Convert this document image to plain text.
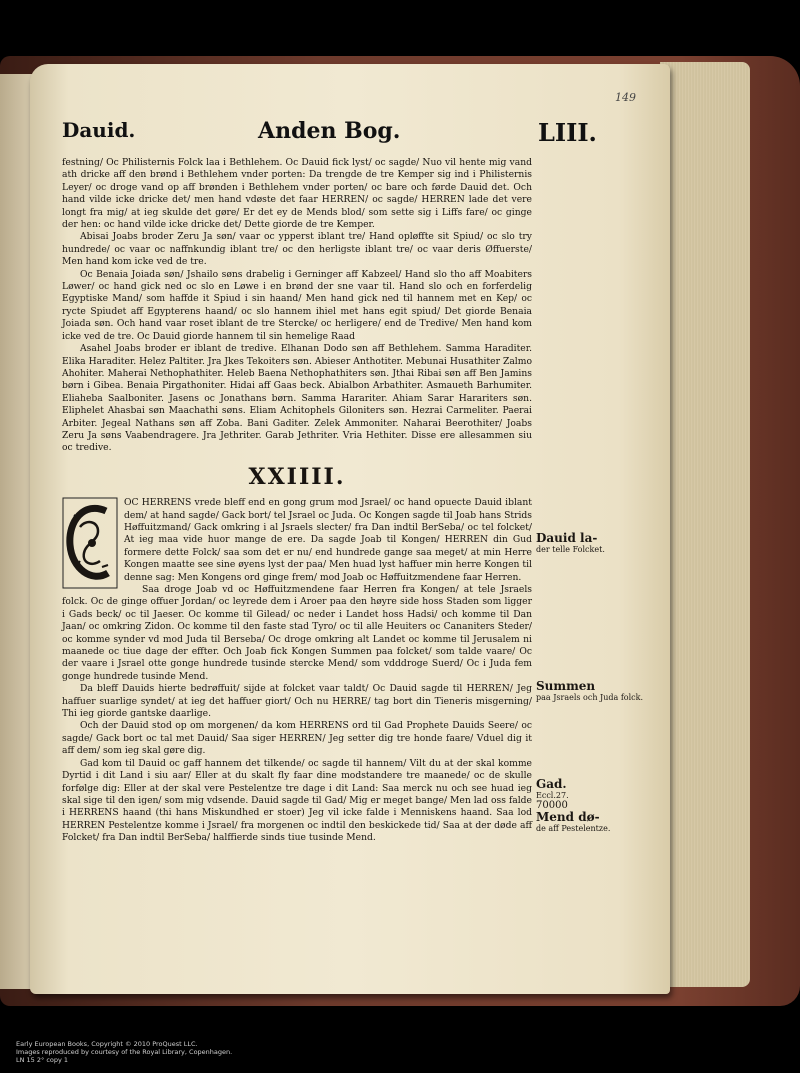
149
Dauid.	Anden Bog.	LIII.

festning/ Oc Philisternis Folck laa i Bethlehem. Oc Dauid fick lyst/ oc sagde/ Nuo vil hente mig vand ath dricke aff den brønd i Bethlehem vnder porten: Da trengde de tre Kemper sig ind i Philisternis Leyer/ oc droge vand op aff brønden i Bethlehem vnder porten/ oc bare och førde Dauid det. Och hand vilde icke dricke det/ men hand vdøste det faar HERREN/ oc sagde/ HERREN lade det vere longt fra mig/ at ieg skulde det gøre/ Er det ey de Mends blod/ som sette sig i Liffs fare/ oc ginge der hen: oc hand vilde icke dricke det/ Dette giorde de tre Kemper.

Abisai Joabs broder Zeru Ja søn/ vaar oc ypperst iblant tre/ Hand opløffte sit Spiud/ oc slo try hundrede/ oc vaar oc naffnkundig iblant tre/ oc den herligste iblant tre/ oc vaar deris Øffuerste/ Men hand kom icke ved de tre.

Oc Benaia Joiada søn/ Jshailo søns drabelig i Gerninger aff Kabzeel/ Hand slo tho aff Moabiters Løwer/ oc hand gick ned oc slo en Løwe i en brønd der sne vaar til. Hand slo och en forferdelig Egyptiske Mand/ som haffde it Spiud i sin haand/ Men hand gick ned til hannem met en Kep/ oc rycte Spiudet aff Egypterens haand/ oc slo hannem ihiel met hans egit spiud/ Det giorde Benaia Joiada søn. Och hand vaar roset iblant de tre Stercke/ oc herligere/ end de Tredive/ Men hand kom icke ved de tre. Oc Dauid giorde hannem til sin hemelige Raad

Asahel Joabs broder er iblant de tredive. Elhanan Dodo søn aff Bethlehem. Samma Haraditer. Elika Haraditer. Helez Paltiter. Jra Jkes Tekoiters søn. Abieser Anthotiter. Mebunai Husathiter Zalmo Ahohiter. Maherai Nethophathiter. Heleb Baena Nethophathiters søn. Jthai Ribai søn aff Ben Jamins børn i Gibea. Benaia Pirgathoniter. Hidai aff Gaas beck. Abialbon Arbathiter. Asmaueth Barhumiter. Eliaheba Saalboniter. Jasens oc Jonathans børn. Samma Harariter. Ahiam Sarar Harariters søn. Eliphelet Ahasbai søn Maachathi søns. Eliam Achitophels Giloniters søn. Hezrai Carmeliter. Paerai Arbiter. Jegeal Nathans søn aff Zoba. Bani Gaditer. Zelek Ammoniter. Naharai Beerothiter/ Joabs Zeru Ja søns Vaabendragere. Jra Jethriter. Garab Jethriter. Vria Hethiter. Disse ere allesammen siu oc tredive.

XXIIII.

OC HERRENS vrede bleff end en gong grum mod Jsrael/ oc hand opuecte Dauid iblant dem/ at hand sagde/ Gack bort/ tel Jsrael oc Juda. Oc Kongen sagde til Joab hans Strids Høffuitzmand/ Gack omkring i al Jsraels slecter/ fra Dan indtil BerSeba/ oc tel folcket/ At ieg maa vide huor mange de ere. Da sagde Joab til Kongen/ HERREN din Gud formere dette Folck/ saa som det er nu/ end hundrede gange saa meget/ at min Herre Kongen maatte see sine øyens lyst der paa/ Men huad lyst haffuer min herre Kongen til denne sag: Men Kongens ord ginge frem/ mod Joab oc Høffuitzmendene faar Herren.

Saa droge Joab vd oc Høffuitzmendene faar Herren fra Kongen/ at tele Jsraels folck. Oc de ginge offuer Jordan/ oc leyrede dem i Aroer paa den høyre side hoss Staden som ligger i Gads beck/ oc til Jaeser. Oc komme til Gilead/ oc neder i Landet hoss Hadsi/ och komme til Dan Jaan/ oc omkring Zidon. Oc komme til den faste stad Tyro/ oc til alle Heuiters oc Cananiters Steder/ oc komme synder vd mod Juda til Berseba/ Oc droge omkring alt Landet oc komme til Jerusalem ni maanede oc tiue dage der effter. Och Joab fick Kongen Summen paa folcket/ som talde vaare/ Oc der vaare i Jsrael otte gonge hundrede tusinde stercke Mend/ som vdddroge Suerd/ Oc i Juda fem gonge hundrede tusinde Mend.

Da bleff Dauids hierte bedrøffuit/ sijde at folcket vaar taldt/ Oc Dauid sagde til HERREN/ Jeg haffuer suarlige syndet/ at ieg det haffuer giort/ Och nu HERRE/ tag bort din Tieneris misgerning/ Thi ieg giorde gantske daarlige.

Och der Dauid stod op om morgenen/ da kom HERRENS ord til Gad Prophete Dauids Seere/ oc sagde/ Gack bort oc tal met Dauid/ Saa siger HERREN/ Jeg setter dig tre honde faare/ Vduel dig it aff dem/ som ieg skal gøre dig.

Gad kom til Dauid oc gaff hannem det tilkende/ oc sagde til hannem/ Vilt du at der skal komme Dyrtid i dit Land i siu aar/ Eller at du skalt fly faar dine modstandere tre maanede/ oc de skulle forfølge dig: Eller at der skal vere Pestelentze tre dage i dit Land: Saa merck nu och see huad ieg skal sige til den igen/ som mig vdsende. Dauid sagde til Gad/ Mig er meget bange/ Men lad oss falde i HERRENS haand (thi hans Miskundhed er stoer) Jeg vil icke falde i Menniskens haand. Saa lod HERREN Pestelentze komme i Jsrael/ fra morgenen oc indtil den beskickede tid/ Saa at der døde aff Folcket/ fra Dan indtil BerSeba/ halffierde sinds tiue tusinde Mend.

Dauid la-
der telle Folcket.
Summen
paa Jsraels och Juda folck.
Gad.
Eccl.27.
70000
Mend dø-
de aff Pestelentze.
Early European Books, Copyright © 2010 ProQuest LLC.
Images reproduced by courtesy of the Royal Library, Copenhagen.
LN 15 2° copy 1
